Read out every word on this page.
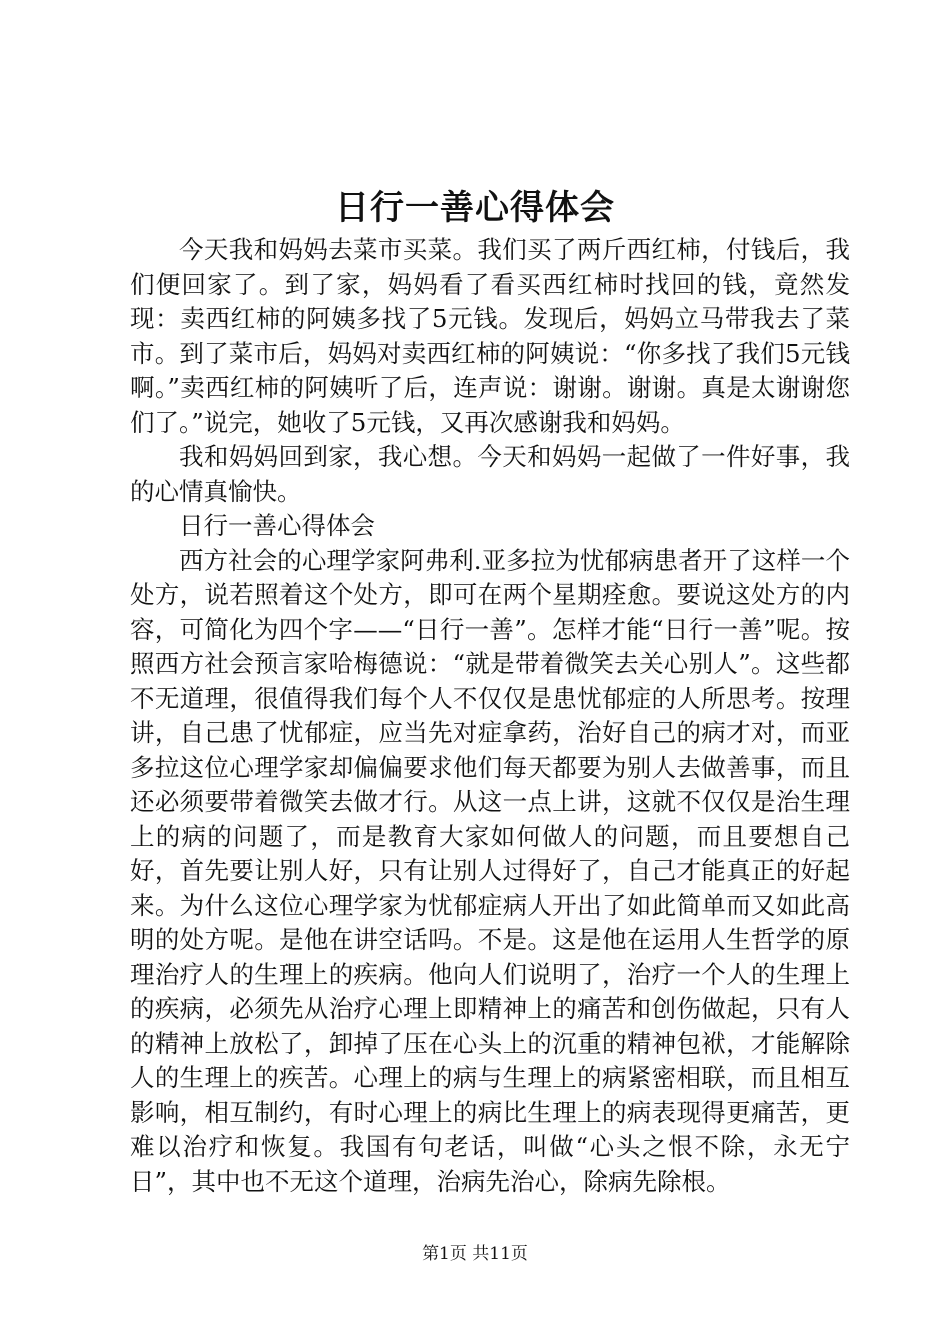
日行一善心得体会

今天我和妈妈去菜市买菜。我们买了两斤西红柿，付钱后，我们便回家了。到了家，妈妈看了看买西红柿时找回的钱，竟然发现：卖西红柿的阿姨多找了5元钱。发现后，妈妈立马带我去了菜市。到了菜市后，妈妈对卖西红柿的阿姨说：“你多找了我们5元钱啊。”卖西红柿的阿姨听了后，连声说：谢谢。谢谢。真是太谢谢您们了。”说完，她收了5元钱，又再次感谢我和妈妈。

我和妈妈回到家，我心想。今天和妈妈一起做了一件好事，我的心情真愉快。

日行一善心得体会

西方社会的心理学家阿弗利.亚多拉为忧郁病患者开了这样一个处方，说若照着这个处方，即可在两个星期痊愈。要说这处方的内容，可简化为四个字——“日行一善”。怎样才能“日行一善”呢。按照西方社会预言家哈梅德说：“就是带着微笑去关心别人”。这些都不无道理，很值得我们每个人不仅仅是患忧郁症的人所思考。按理讲，自己患了忧郁症，应当先对症拿药，治好自己的病才对，而亚多拉这位心理学家却偏偏要求他们每天都要为别人去做善事，而且还必须要带着微笑去做才行。从这一点上讲，这就不仅仅是治生理上的病的问题了，而是教育大家如何做人的问题，而且要想自己好，首先要让别人好，只有让别人过得好了，自己才能真正的好起来。为什么这位心理学家为忧郁症病人开出了如此简单而又如此高明的处方呢。是他在讲空话吗。不是。这是他在运用人生哲学的原理治疗人的生理上的疾病。他向人们说明了，治疗一个人的生理上的疾病，必须先从治疗心理上即精神上的痛苦和创伤做起，只有人的精神上放松了，卸掉了压在心头上的沉重的精神包袱，才能解除人的生理上的疾苦。心理上的病与生理上的病紧密相联，而且相互影响，相互制约，有时心理上的病比生理上的病表现得更痛苦，更难以治疗和恢复。我国有句老话，叫做“心头之恨不除，永无宁日”，其中也不无这个道理，治病先治心，除病先除根。

第1页 共11页
